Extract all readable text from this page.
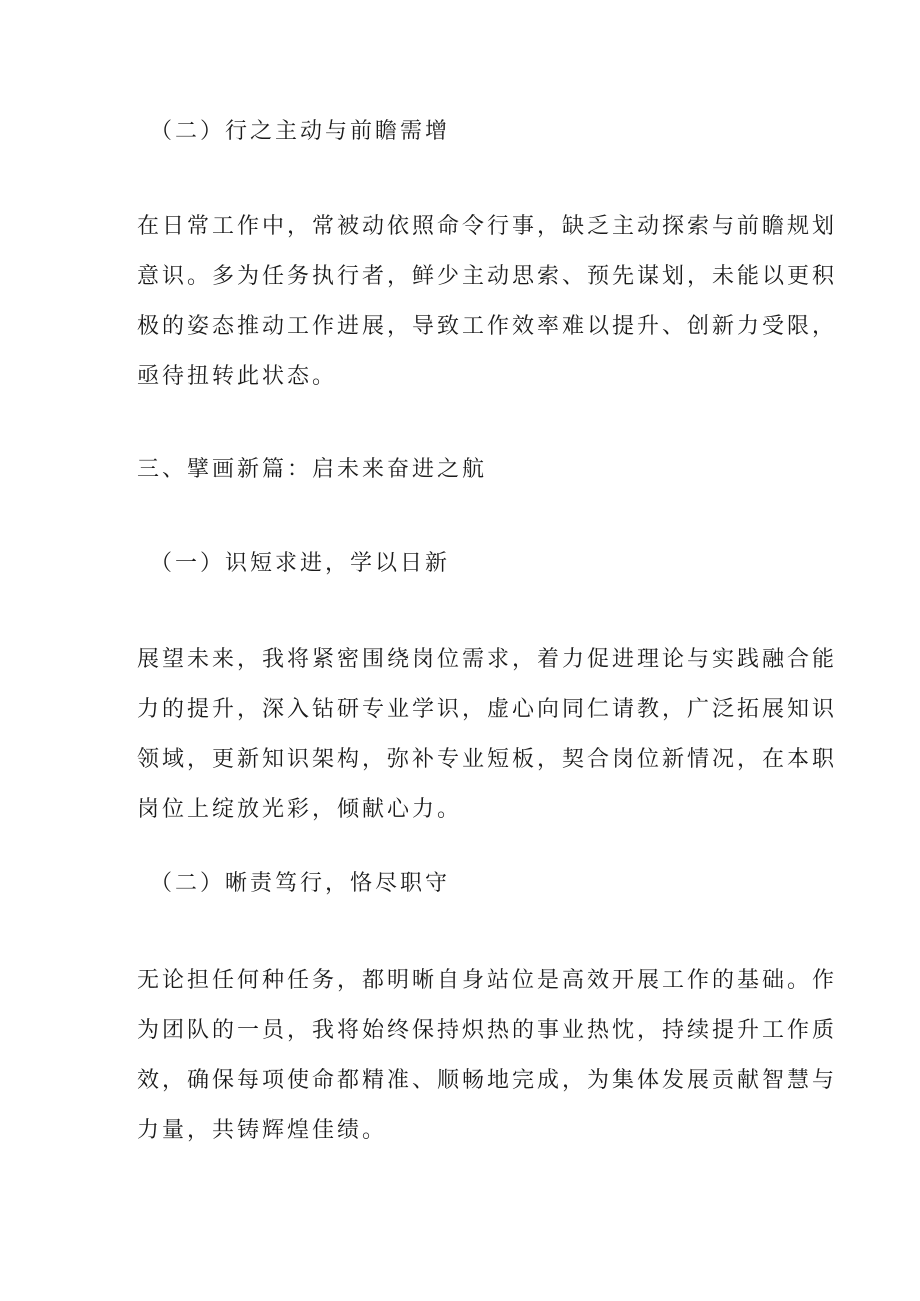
（二）行之主动与前瞻需增
在日常工作中，常被动依照命令行事，缺乏主动探索与前瞻规划
意识。多为任务执行者，鲜少主动思索、预先谋划，未能以更积
极的姿态推动工作进展，导致工作效率难以提升、创新力受限，
亟待扭转此状态。
三、擘画新篇：启未来奋进之航
（一）识短求进，学以日新
展望未来，我将紧密围绕岗位需求，着力促进理论与实践融合能
力的提升，深入钻研专业学识，虚心向同仁请教，广泛拓展知识
领域，更新知识架构，弥补专业短板，契合岗位新情况，在本职
岗位上绽放光彩，倾献心力。
（二）晰责笃行，恪尽职守
无论担任何种任务，都明晰自身站位是高效开展工作的基础。作
为团队的一员，我将始终保持炽热的事业热忱，持续提升工作质
效，确保每项使命都精准、顺畅地完成，为集体发展贡献智慧与
力量，共铸辉煌佳绩。
